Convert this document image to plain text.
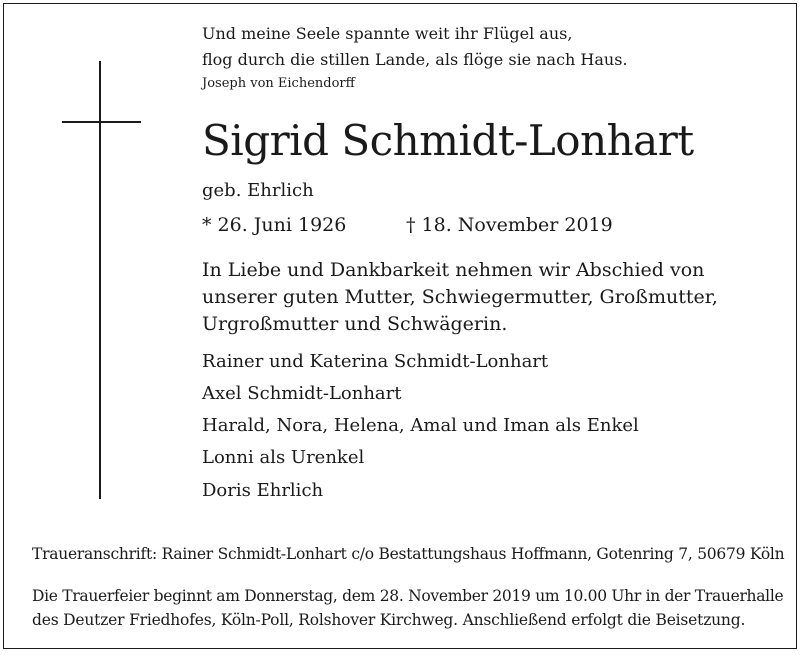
Und meine Seele spannte weit ihr Flügel aus,
flog durch die stillen Lande, als flöge sie nach Haus.
Joseph von Eichendorff
Sigrid Schmidt-Lonhart
geb. Ehrlich
* 26. Juni 1926	† 18. November 2019
In Liebe und Dankbarkeit nehmen wir Abschied von
unserer guten Mutter, Schwiegermutter, Großmutter,
Urgroßmutter und Schwägerin.
Rainer und Katerina Schmidt-Lonhart
Axel Schmidt-Lonhart
Harald, Nora, Helena, Amal und Iman als Enkel
Lonni als Urenkel
Doris Ehrlich
Traueranschrift: Rainer Schmidt-Lonhart c/o Bestattungshaus Hoffmann, Gotenring 7, 50679 Köln
Die Trauerfeier beginnt am Donnerstag, dem 28. November 2019 um 10.00 Uhr in der Trauerhalle
des Deutzer Friedhofes, Köln-Poll, Rolshover Kirchweg. Anschließend erfolgt die Beisetzung.
